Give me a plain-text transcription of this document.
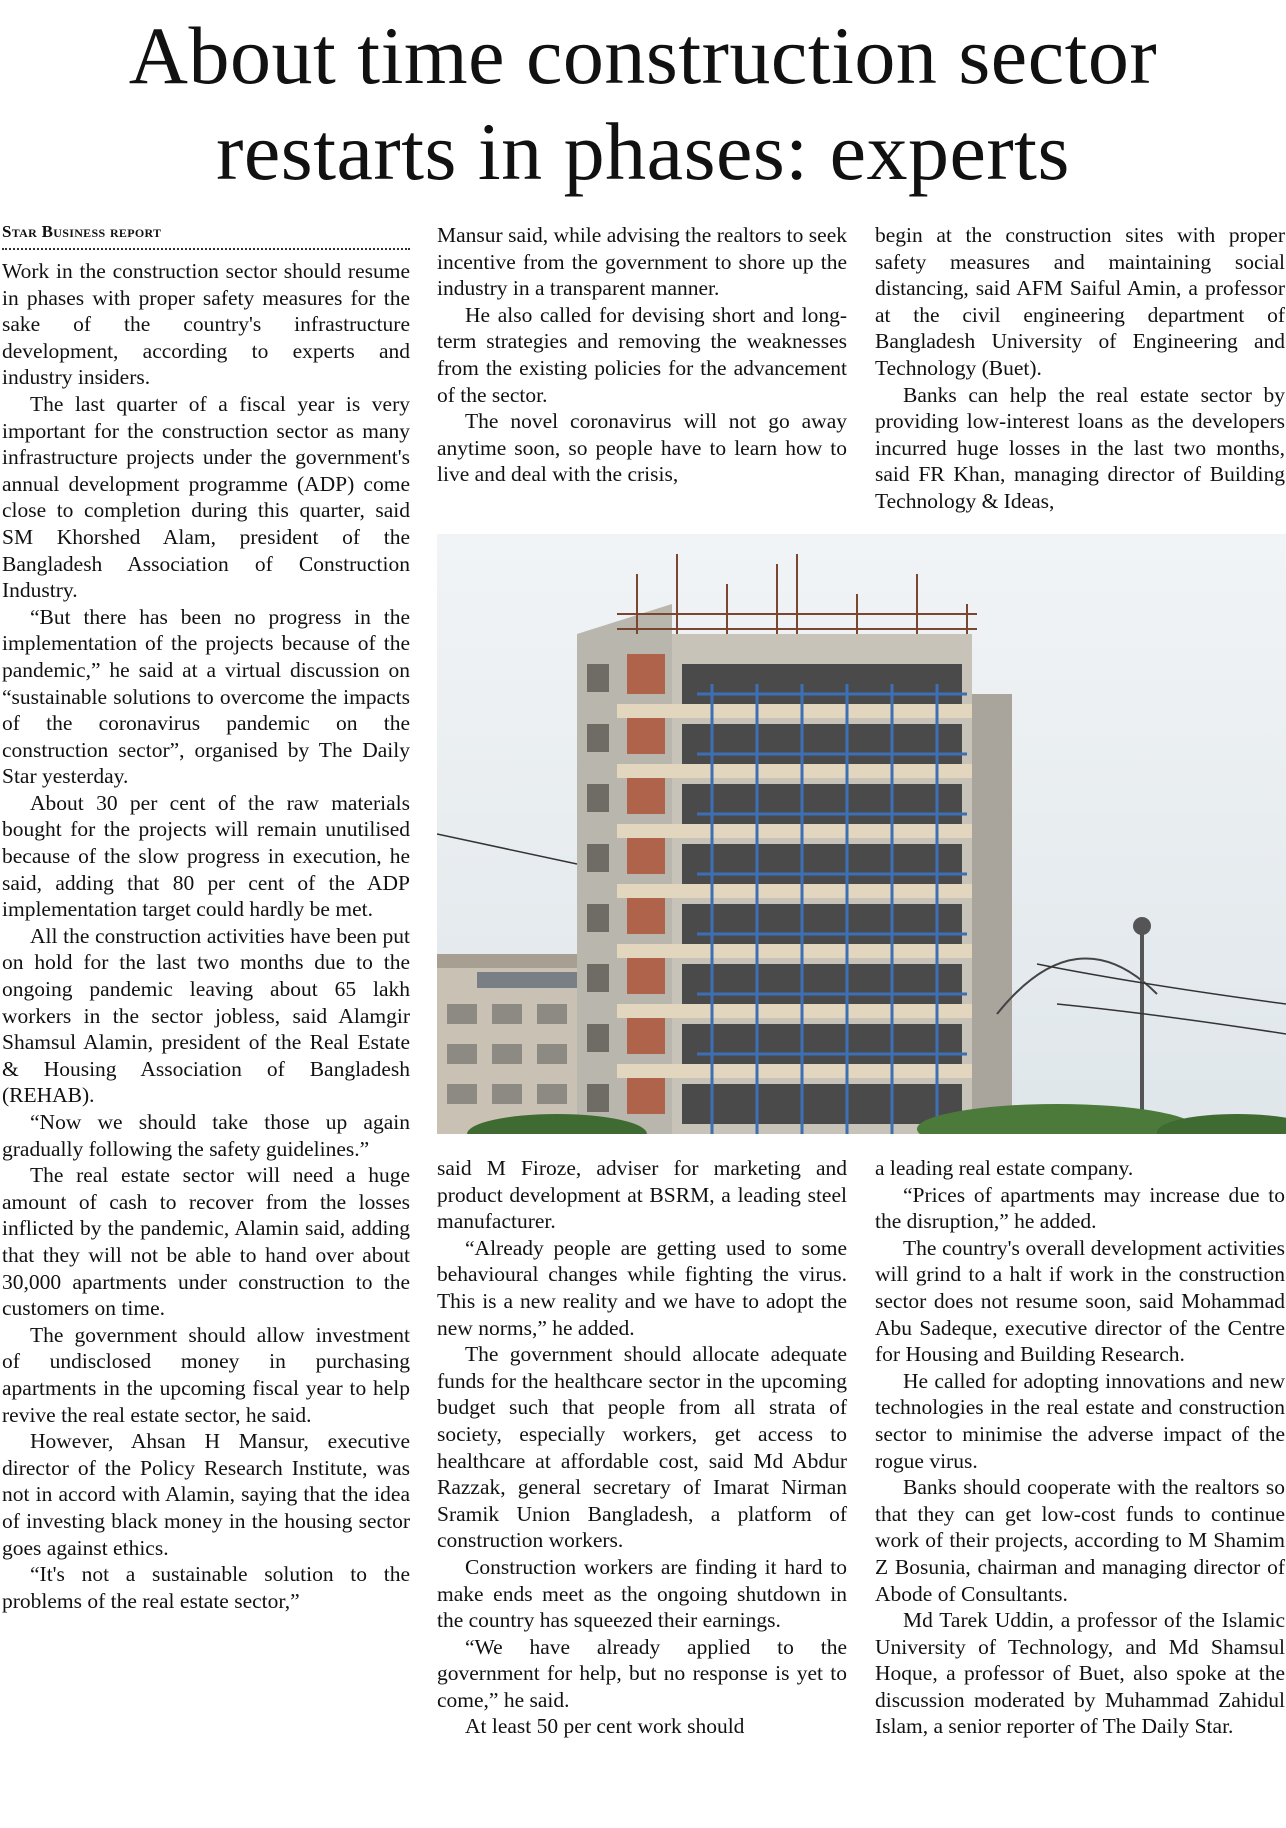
About time construction sector restarts in phases: experts
Star Business report

Work in the construction sector should resume in phases with proper safety measures for the sake of the country's infrastructure development, according to experts and industry insiders.

The last quarter of a fiscal year is very important for the construction sector as many infrastructure projects under the government's annual development programme (ADP) come close to completion during this quarter, said SM Khorshed Alam, president of the Bangladesh Association of Construction Industry.

“But there has been no progress in the implementation of the projects because of the pandemic,” he said at a virtual discussion on “sustainable solutions to overcome the impacts of the coronavirus pandemic on the construction sector”, organised by The Daily Star yesterday.

About 30 per cent of the raw materials bought for the projects will remain unutilised because of the slow progress in execution, he said, adding that 80 per cent of the ADP implementation target could hardly be met.

All the construction activities have been put on hold for the last two months due to the ongoing pandemic leaving about 65 lakh workers in the sector jobless, said Alamgir Shamsul Alamin, president of the Real Estate & Housing Association of Bangladesh (REHAB).

“Now we should take those up again gradually following the safety guidelines.”

The real estate sector will need a huge amount of cash to recover from the losses inflicted by the pandemic, Alamin said, adding that they will not be able to hand over about 30,000 apartments under construction to the customers on time.

The government should allow investment of undisclosed money in purchasing apartments in the upcoming fiscal year to help revive the real estate sector, he said.

However, Ahsan H Mansur, executive director of the Policy Research Institute, was not in accord with Alamin, saying that the idea of investing black money in the housing sector goes against ethics.

“It's not a sustainable solution to the problems of the real estate sector,”

Mansur said, while advising the realtors to seek incentive from the government to shore up the industry in a transparent manner.

He also called for devising short and long-term strategies and removing the weaknesses from the existing policies for the advancement of the sector.

The novel coronavirus will not go away anytime soon, so people have to learn how to live and deal with the crisis,

begin at the construction sites with proper safety measures and maintaining social distancing, said AFM Saiful Amin, a professor at the civil engineering department of Bangladesh University of Engineering and Technology (Buet).

Banks can help the real estate sector by providing low-interest loans as the developers incurred huge losses in the last two months, said FR Khan, managing director of Building Technology & Ideas,

said M Firoze, adviser for marketing and product development at BSRM, a leading steel manufacturer.

“Already people are getting used to some behavioural changes while fighting the virus. This is a new reality and we have to adopt the new norms,” he added.

The government should allocate adequate funds for the healthcare sector in the upcoming budget such that people from all strata of society, especially workers, get access to healthcare at affordable cost, said Md Abdur Razzak, general secretary of Imarat Nirman Sramik Union Bangladesh, a platform of construction workers.

Construction workers are finding it hard to make ends meet as the ongoing shutdown in the country has squeezed their earnings.

“We have already applied to the government for help, but no response is yet to come,” he said.

At least 50 per cent work should

a leading real estate company.

“Prices of apartments may increase due to the disruption,” he added.

The country's overall development activities will grind to a halt if work in the construction sector does not resume soon, said Mohammad Abu Sadeque, executive director of the Centre for Housing and Building Research.

He called for adopting innovations and new technologies in the real estate and construction sector to minimise the adverse impact of the rogue virus.

Banks should cooperate with the realtors so that they can get low-cost funds to continue work of their projects, according to M Shamim Z Bosunia, chairman and managing director of Abode of Consultants.

Md Tarek Uddin, a professor of the Islamic University of Technology, and Md Shamsul Hoque, a professor of Buet, also spoke at the discussion moderated by Muhammad Zahidul Islam, a senior reporter of The Daily Star.
